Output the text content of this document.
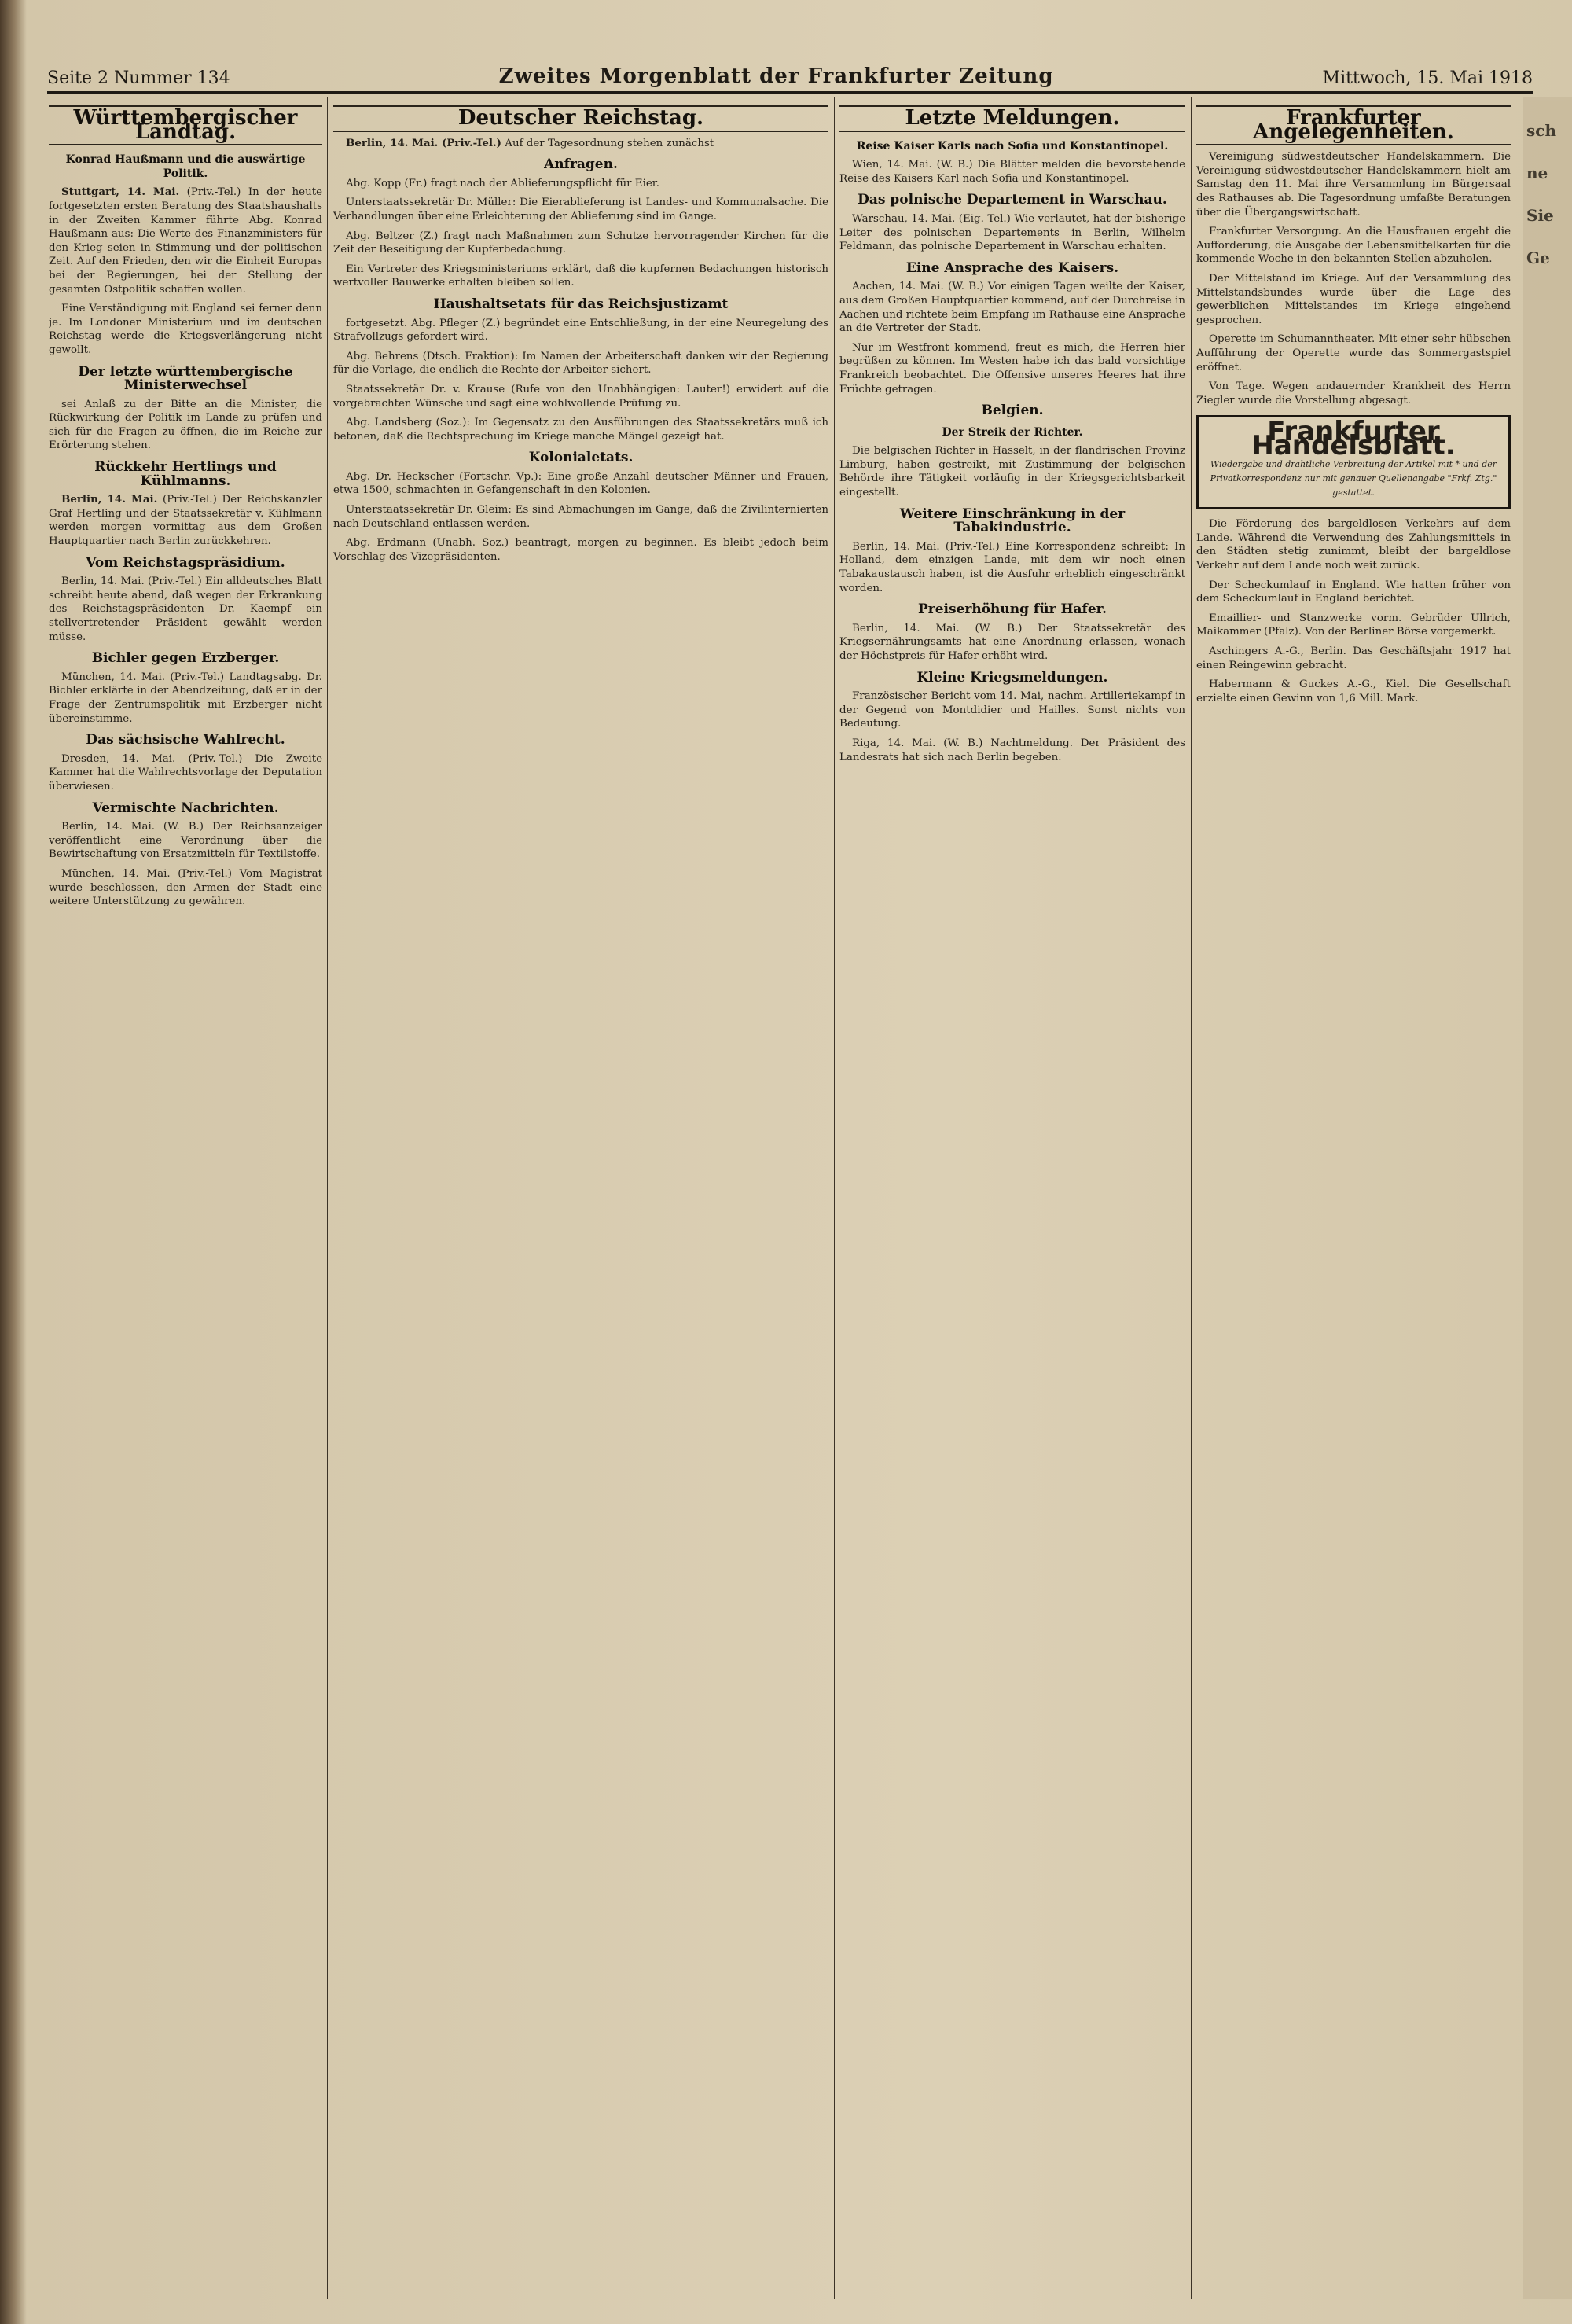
Seite 2 Nummer 134	Zweites Morgenblatt der Frankfurter Zeitung	Mittwoch, 15. Mai 1918
Württembergischer Landtag.
Konrad Haußmann und die auswärtige Politik.

Stuttgart, 14. Mai. (Priv.-Tel.) In der heute fortgesetzten ersten Beratung des Staatshaushalts in der Zweiten Kammer führte Abg. Konrad Haußmann aus: Die Werte des Finanzministers für den Krieg seien in Stimmung und der politischen Zeit. Auf den Frieden, den wir die Einheit Europas bei der Regierungen, bei der Stellung der gesamten Ostpolitik schaffen wollen.

Eine Verständigung mit England sei ferner denn je. Im Londoner Ministerium und im deutschen Reichstag werde die Kriegsverlängerung nicht gewollt.

Der letzte württembergische Ministerwechsel

sei Anlaß zu der Bitte an die Minister, die Rückwirkung der Politik im Lande zu prüfen und sich für die Fragen zu öffnen, die im Reiche zur Erörterung stehen.

Rückkehr Hertlings und Kühlmanns.

Berlin, 14. Mai. (Priv.-Tel.) Der Reichskanzler Graf Hertling und der Staatssekretär v. Kühlmann werden morgen vormittag aus dem Großen Hauptquartier nach Berlin zurückkehren.

Vom Reichstagspräsidium.

Berlin, 14. Mai. (Priv.-Tel.) Ein alldeutsches Blatt schreibt heute abend, daß wegen der Erkrankung des Reichstagspräsidenten Dr. Kaempf ein stellvertretender Präsident gewählt werden müsse.

Bichler gegen Erzberger.

München, 14. Mai. (Priv.-Tel.) Landtagsabg. Dr. Bichler erklärte in der Abendzeitung, daß er in der Frage der Zentrumspolitik mit Erzberger nicht übereinstimme.

Das sächsische Wahlrecht.

Dresden, 14. Mai. (Priv.-Tel.) Die Zweite Kammer hat die Wahlrechtsvorlage der Deputation überwiesen.

Vermischte Nachrichten.

Berlin, 14. Mai. (W. B.) Der Reichsanzeiger veröffentlicht eine Verordnung über die Bewirtschaftung von Ersatzmitteln für Textilstoffe.

München, 14. Mai. (Priv.-Tel.) Vom Magistrat wurde beschlossen, den Armen der Stadt eine weitere Unterstützung zu gewähren.

Deutscher Reichstag.

Berlin, 14. Mai. (Priv.-Tel.) Auf der Tagesordnung stehen zunächst

Anfragen.

Abg. Kopp (Fr.) fragt nach der Ablieferungspflicht für Eier.

Unterstaatssekretär Dr. Müller: Die Eierablieferung ist Landes- und Kommunalsache. Die Verhandlungen über eine Erleichterung der Ablieferung sind im Gange.

Abg. Beltzer (Z.) fragt nach Maßnahmen zum Schutze hervorragender Kirchen für die Zeit der Beseitigung der Kupferbedachung.

Ein Vertreter des Kriegsministeriums erklärt, daß die kupfernen Bedachungen historisch wertvoller Bauwerke erhalten bleiben sollen.

Haushaltsetats für das Reichsjustizamt

fortgesetzt. Abg. Pfleger (Z.) begründet eine Entschließung, in der eine Neuregelung des Strafvollzugs gefordert wird.

Abg. Behrens (Dtsch. Fraktion): Im Namen der Arbeiterschaft danken wir der Regierung für die Vorlage, die endlich die Rechte der Arbeiter sichert.

Staatssekretär Dr. v. Krause (Rufe von den Unabhängigen: Lauter!) erwidert auf die vorgebrachten Wünsche und sagt eine wohlwollende Prüfung zu.

Abg. Landsberg (Soz.): Im Gegensatz zu den Ausführungen des Staatssekretärs muß ich betonen, daß die Rechtsprechung im Kriege manche Mängel gezeigt hat.

Kolonialetats.

Abg. Dr. Heckscher (Fortschr. Vp.): Eine große Anzahl deutscher Männer und Frauen, etwa 1500, schmachten in Gefangenschaft in den Kolonien.

Unterstaatssekretär Dr. Gleim: Es sind Abmachungen im Gange, daß die Zivilinternierten nach Deutschland entlassen werden.

Abg. Erdmann (Unabh. Soz.) beantragt, morgen zu beginnen. Es bleibt jedoch beim Vorschlag des Vizepräsidenten.

Letzte Meldungen.
Reise Kaiser Karls nach Sofia und Konstantinopel.

Wien, 14. Mai. (W. B.) Die Blätter melden die bevorstehende Reise des Kaisers Karl nach Sofia und Konstantinopel.

Das polnische Departement in Warschau.

Warschau, 14. Mai. (Eig. Tel.) Wie verlautet, hat der bisherige Leiter des polnischen Departements in Berlin, Wilhelm Feldmann, das polnische Departement in Warschau erhalten.

Eine Ansprache des Kaisers.

Aachen, 14. Mai. (W. B.) Vor einigen Tagen weilte der Kaiser, aus dem Großen Hauptquartier kommend, auf der Durchreise in Aachen und richtete beim Empfang im Rathause eine Ansprache an die Vertreter der Stadt.

Nur im Westfront kommend, freut es mich, die Herren hier begrüßen zu können. Im Westen habe ich das bald vorsichtige Frankreich beobachtet. Die Offensive unseres Heeres hat ihre Früchte getragen.

Belgien.
Der Streik der Richter.

Die belgischen Richter in Hasselt, in der flandrischen Provinz Limburg, haben gestreikt, mit Zustimmung der belgischen Behörde ihre Tätigkeit vorläufig in der Kriegsgerichtsbarkeit eingestellt.

Weitere Einschränkung in der Tabakindustrie.

Berlin, 14. Mai. (Priv.-Tel.) Eine Korrespondenz schreibt: In Holland, dem einzigen Lande, mit dem wir noch einen Tabakaustausch haben, ist die Ausfuhr erheblich eingeschränkt worden.

Preiserhöhung für Hafer.

Berlin, 14. Mai. (W. B.) Der Staatssekretär des Kriegsernährungsamts hat eine Anordnung erlassen, wonach der Höchstpreis für Hafer erhöht wird.

Kleine Kriegsmeldungen.

Französischer Bericht vom 14. Mai, nachm. Artilleriekampf in der Gegend von Montdidier und Hailles. Sonst nichts von Bedeutung.

Riga, 14. Mai. (W. B.) Nachtmeldung. Der Präsident des Landesrats hat sich nach Berlin begeben.

Frankfurter Angelegenheiten.

Vereinigung südwestdeutscher Handelskammern. Die Vereinigung südwestdeutscher Handelskammern hielt am Samstag den 11. Mai ihre Versammlung im Bürgersaal des Rathauses ab. Die Tagesordnung umfaßte Beratungen über die Übergangswirtschaft.

Frankfurter Versorgung. An die Hausfrauen ergeht die Aufforderung, die Ausgabe der Lebensmittelkarten für die kommende Woche in den bekannten Stellen abzuholen.

Der Mittelstand im Kriege. Auf der Versammlung des Mittelstandsbundes wurde über die Lage des gewerblichen Mittelstandes im Kriege eingehend gesprochen.

Operette im Schumanntheater. Mit einer sehr hübschen Aufführung der Operette wurde das Sommergastspiel eröffnet.

Von Tage. Wegen andauernder Krankheit des Herrn Ziegler wurde die Vorstellung abgesagt.

Frankfurter Handelsblatt.
Wiedergabe und drahtliche Verbreitung der Artikel mit * und der Privatkorrespondenz nur mit genauer Quellenangabe "Frkf. Ztg." gestattet.

Die Förderung des bargeldlosen Verkehrs auf dem Lande. Während die Verwendung des Zahlungsmittels in den Städten stetig zunimmt, bleibt der bargeldlose Verkehr auf dem Lande noch weit zurück.

Der Scheckumlauf in England. Wie hatten früher von dem Scheckumlauf in England berichtet.

Emaillier- und Stanzwerke vorm. Gebrüder Ullrich, Maikammer (Pfalz). Von der Berliner Börse vorgemerkt.

Aschingers A.-G., Berlin. Das Geschäftsjahr 1917 hat einen Reingewinn gebracht.

Habermann & Guckes A.-G., Kiel. Die Gesellschaft erzielte einen Gewinn von 1,6 Mill. Mark.

sch
ne
Sie
Ge
